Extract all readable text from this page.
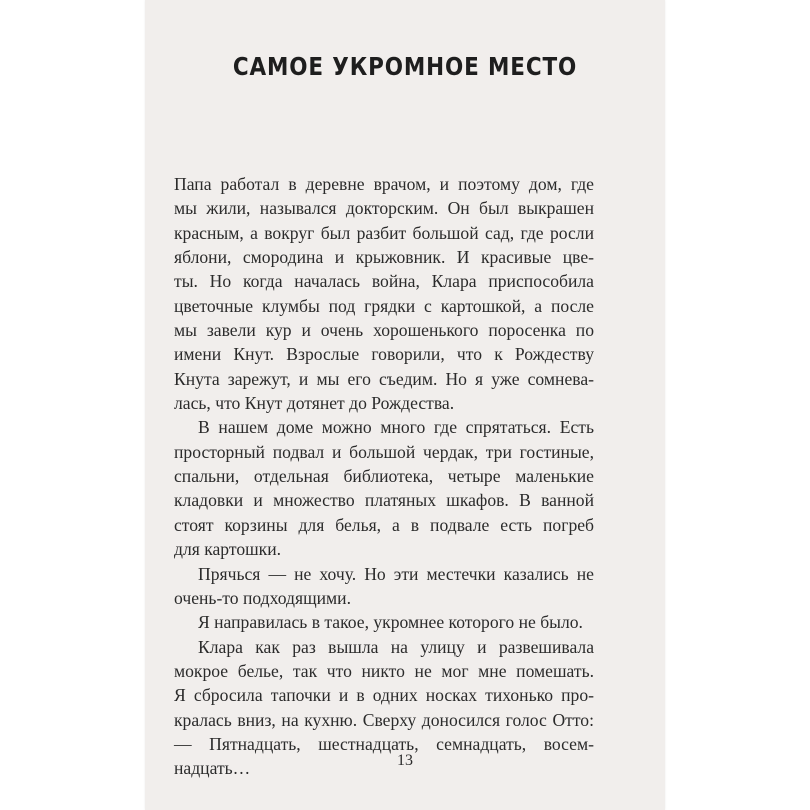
САМОЕ УКРОМНОЕ МЕСТО
Папа работал в деревне врачом, и поэтому дом, где
мы жили, назывался докторским. Он был выкрашен
красным, а вокруг был разбит большой сад, где росли
яблони, смородина и крыжовник. И красивые цве-
ты. Но когда началась война, Клара приспособила
цветочные клумбы под грядки с картошкой, а после
мы завели кур и очень хорошенького поросенка по
имени Кнут. Взрослые говорили, что к Рождеству
Кнута зарежут, и мы его съедим. Но я уже сомнева-
лась, что Кнут дотянет до Рождества.
В нашем доме можно много где спрятаться. Есть
просторный подвал и большой чердак, три гостиные,
спальни, отдельная библиотека, четыре маленькие
кладовки и множество платяных шкафов. В ванной
стоят корзины для белья, а в подвале есть погреб
для картошки.
Прячься — не хочу. Но эти местечки казались не
очень-то подходящими.
Я направилась в такое, укромнее которого не было.
Клара как раз вышла на улицу и развешивала
мокрое белье, так что никто не мог мне помешать.
Я сбросила тапочки и в одних носках тихонько про-
кралась вниз, на кухню. Сверху доносился голос Отто:
— Пятнадцать, шестнадцать, семнадцать, восем-
надцать…	13
